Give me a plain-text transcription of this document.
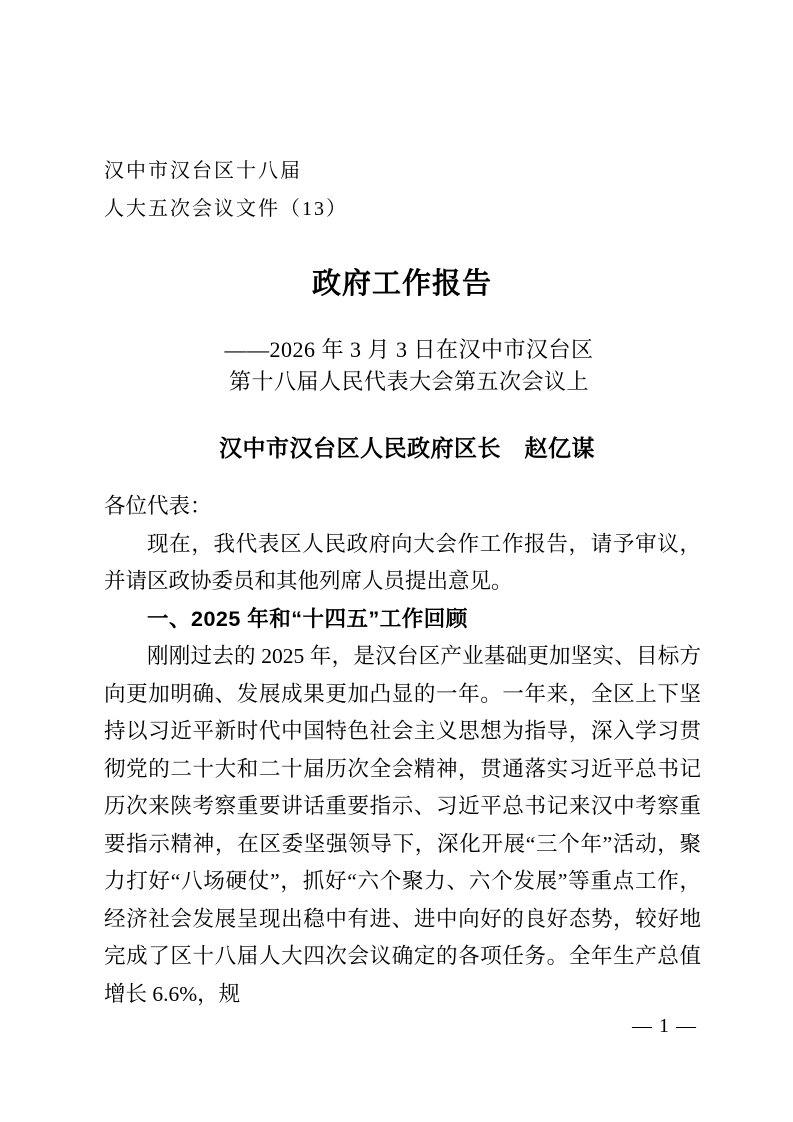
汉中市汉台区十八届
人大五次会议文件（13）
政府工作报告
——2026 年 3 月 3 日在汉中市汉台区
第十八届人民代表大会第五次会议上
汉中市汉台区人民政府区长　赵亿谋

各位代表：

现在，我代表区人民政府向大会作工作报告，请予审议，并请区政协委员和其他列席人员提出意见。

一、2025 年和“十四五”工作回顾

刚刚过去的 2025 年，是汉台区产业基础更加坚实、目标方向更加明确、发展成果更加凸显的一年。一年来，全区上下坚持以习近平新时代中国特色社会主义思想为指导，深入学习贯彻党的二十大和二十届历次全会精神，贯通落实习近平总书记历次来陕考察重要讲话重要指示、习近平总书记来汉中考察重要指示精神，在区委坚强领导下，深化开展“三个年”活动，聚力打好“八场硬仗”，抓好“六个聚力、六个发展”等重点工作，经济社会发展呈现出稳中有进、进中向好的良好态势，较好地完成了区十八届人大四次会议确定的各项任务。全年生产总值增长 6.6%，规

— 1 —
